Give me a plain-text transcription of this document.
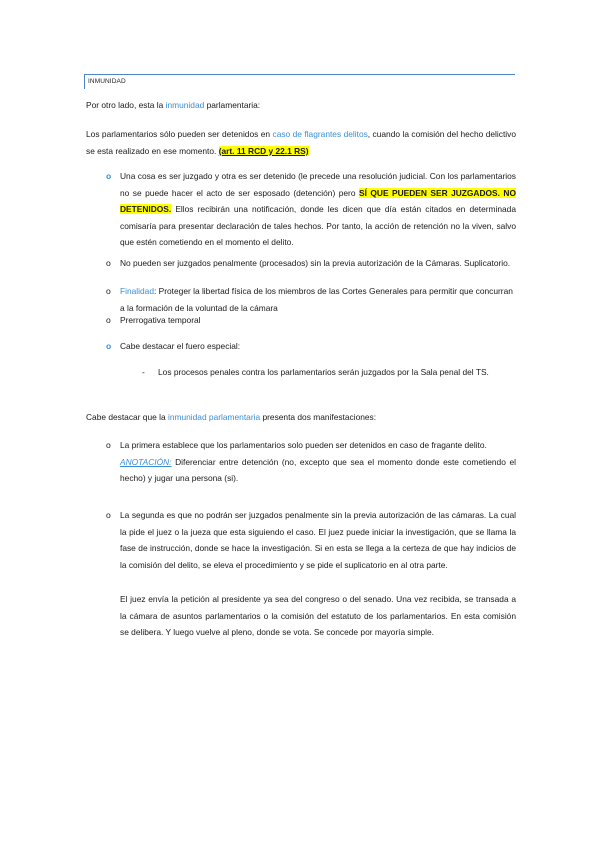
INMUNIDAD

Por otro lado, esta la inmunidad parlamentaria:

Los parlamentarios sólo pueden ser detenidos en caso de flagrantes delitos, cuando la comisión del hecho delictivo se esta realizado en ese momento. (art. 11 RCD y 22.1 RS)

o Una cosa es ser juzgado y otra es ser detenido (le precede una resolución judicial. Con los parlamentarios no se puede hacer el acto de ser esposado (detención) pero SÍ QUE PUEDEN SER JUZGADOS. NO DETENIDOS. Ellos recibirán una notificación, donde les dicen que día están citados en determinada comisaría para presentar declaración de tales hechos. Por tanto, la acción de retención no la viven, salvo que estén cometiendo en el momento el delito.

o No pueden ser juzgados penalmente (procesados) sin la previa autorización de la Cámaras. Suplicatorio.

o Finalidad: Proteger la libertad física de los miembros de las Cortes Generales para permitir que concurran a la formación de la voluntad de la cámara

o Prerrogativa temporal

o Cabe destacar el fuero especial:

- Los procesos penales contra los parlamentarios serán juzgados por la Sala penal del TS.

Cabe destacar que la inmunidad parlamentaria presenta dos manifestaciones:

o La primera establece que los parlamentarios solo pueden ser detenidos en caso de fragante delito.
ANOTACIÓN: Diferenciar entre detención (no, excepto que sea el momento donde este cometiendo el hecho) y jugar una persona (si).

o La segunda es que no podrán ser juzgados penalmente sin la previa autorización de las cámaras. La cual la pide el juez o la jueza que esta siguiendo el caso. El juez puede iniciar la investigación, que se llama la fase de instrucción, donde se hace la investigación. Si en esta se llega a la certeza de que hay indicios de la comisión del delito, se eleva el procedimiento y se pide el suplicatorio en al otra parte.

El juez envía la petición al presidente ya sea del congreso o del senado. Una vez recibida, se transada a la cámara de asuntos parlamentarios o la comisión del estatuto de los parlamentarios. En esta comisión se delibera. Y luego vuelve al pleno, donde se vota. Se concede por mayoría simple.
